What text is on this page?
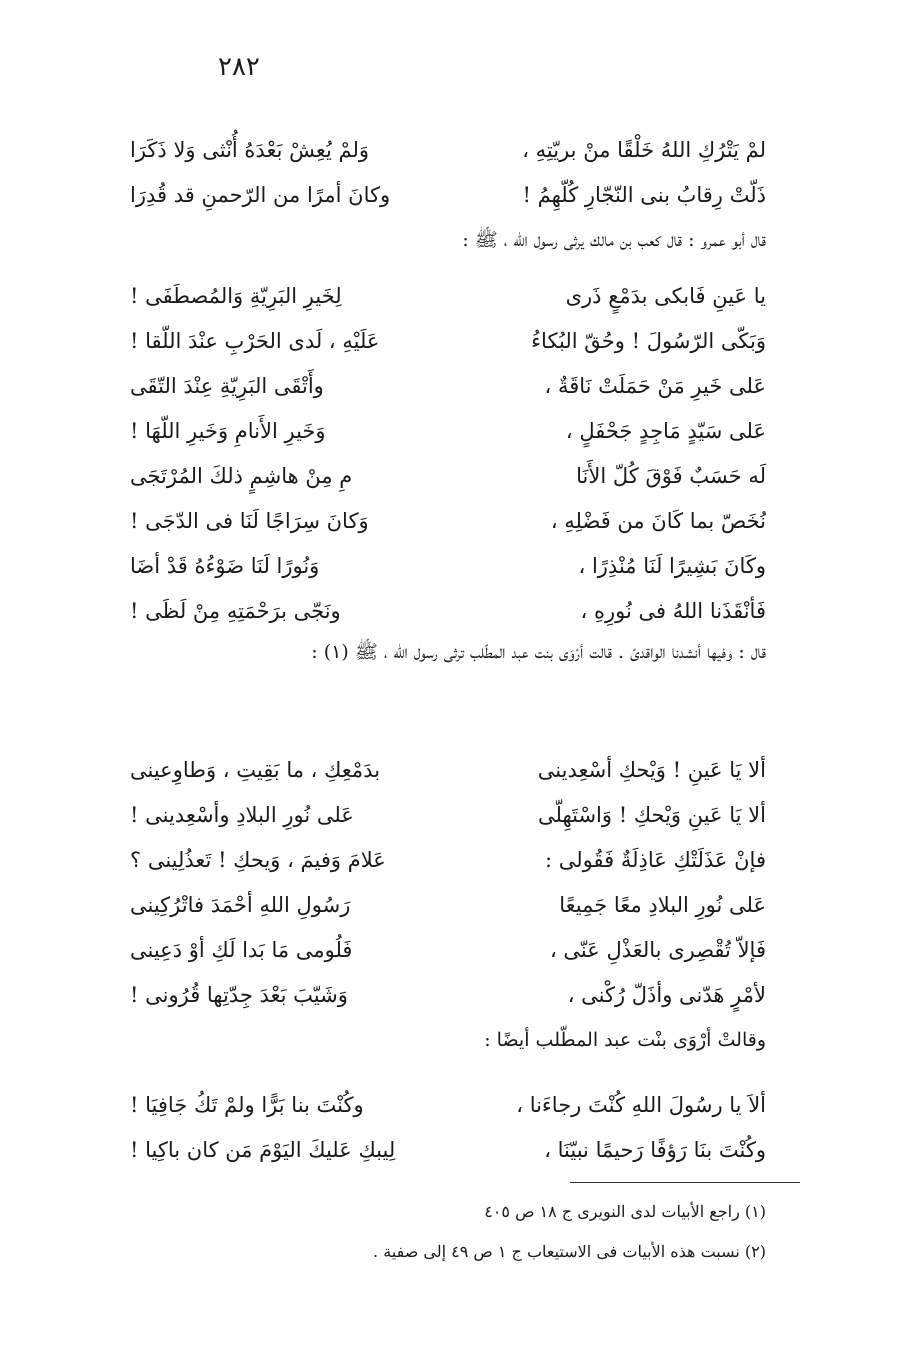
٢٨٢
لمْ يَتْرُكِ اللهُ خَلْقًا منْ بريّتِهِ ،
وَلمْ يُعِشْ بَعْدَهُ أُنْثى وَلا ذَكَرَا
ذَلّتْ رِقابُ بنى النّجّارِ كُلّهِمُ !
وكانَ أمرًا من الرّحمنِ قد قُدِرَا
قال أبو عمرو : قال كعب بن مالك يرثى رسول الله ، ﷺ :
يا عَينِ فَابكى بدَمْعٍ ذَرى
لِخَيرِ البَرِيّةِ وَالمُصطَفَى !
وَبَكّى الرّسُولَ ! وحُقّ البُكاءُ
عَلَيْهِ ، لَدى الحَرْبِ عنْدَ اللّقا !
عَلى خَيرِ مَنْ حَمَلَتْ نَاقَةٌ ،
وأَتْقَى البَرِيّةِ عِنْدَ التّقَى
عَلى سَيّدٍ مَاجِدٍ جَحْفَلٍ ،
وَخَيرِ الأَنامِ وَخَيرِ اللّهَا !
لَه حَسَبٌ فَوْقَ كُلّ الأَنَا
مِ مِنْ هاشِمٍ ذلكَ المُرْتَجَى
نُخَصّ بما كَانَ من فَضْلِهِ ،
وَكانَ سِرَاجًا لَنَا فى الدّجَى !
وكَانَ بَشِيرًا لَنَا مُنْذِرًا ،
وَنُورًا لَنَا ضَوْءُهُ قَدْ أضَا
فَأنْقَذَنا اللهُ فى نُورِهِ ،
ونَجّى برَحْمَتِهِ مِنْ لَظَى !
قال : وفيها أنشدنا الواقدىّ . قالت أرْوَى بنت عبد المطّلب ترثى رسول الله ، ﷺ (١) :
ألا يَا عَينِ ! وَيْحكِ أسْعِدينى
بدَمْعِكِ ، ما بَقِيتِ ، وَطاوِعينى
ألا يَا عَينِ وَيْحكِ ! وَاسْتَهِلّى
عَلى نُورِ البلادِ وأسْعِدينى !
فإنْ عَذَلَتْكِ عَاذِلَةٌ فَقُولى :
عَلامَ وَفيمَ ، وَيحكِ ! تَعذُلِينى ؟
عَلى نُورِ البلادِ معًا جَمِيعًا
رَسُولِ اللهِ أحْمَدَ فاتْرُكِينى
فَإلاّ تُقْصِرى بالعَذْلِ عَنّى ،
فَلُومى مَا بَدا لَكِ أوْ دَعِينى
لأمْرٍ هَدّنى وأذَلّ رُكْنى ،
وَشَيّبَ بَعْدَ جِدّتِها قُرُونى !
وقالتْ أرْوَى بنْت عبد المطّلب أيضًا :
ألاَ يا رسُولَ اللهِ كُنْتَ رجاءَنا ،
وكُنْتَ بنا بَرًّا ولمْ تَكُ جَافِيَا !
وكُنْتَ بنَا رَؤفًا رَحيمًا نبيّنَا ،
لِيبكِ عَليكَ اليَوْمَ مَن كان باكِيا !
(١) راجع الأبيات لدى النويرى ج ١٨ ص ٤٠٥
(٢) نسبت هذه الأبيات فى الاستيعاب ج ١ ص ٤٩ إلى صفية .
